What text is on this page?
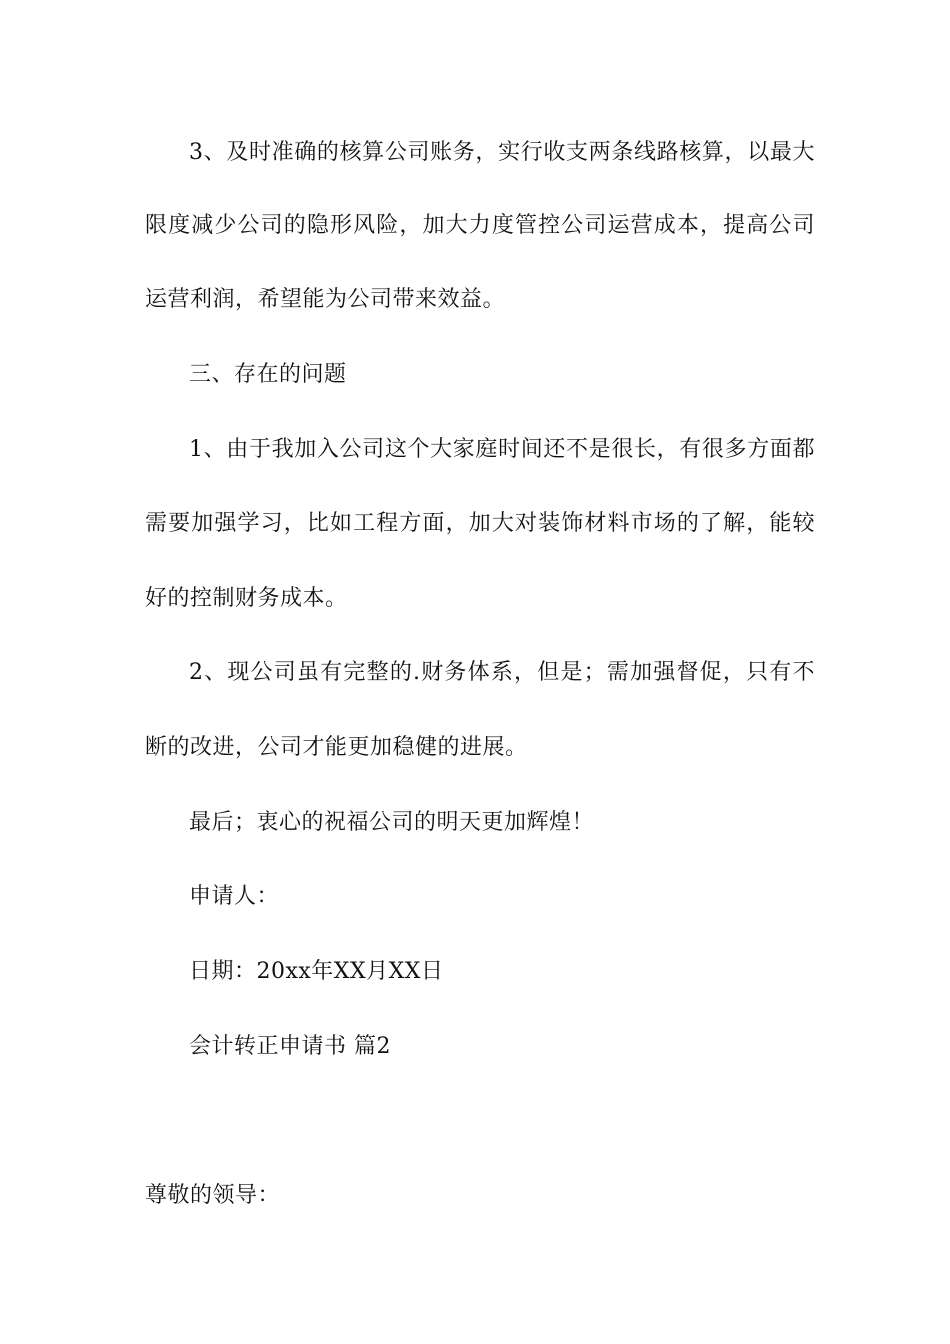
3、及时准确的核算公司账务，实行收支两条线路核算，以最大
限度减少公司的隐形风险，加大力度管控公司运营成本，提高公司
运营利润，希望能为公司带来效益。
三、存在的问题
1、由于我加入公司这个大家庭时间还不是很长，有很多方面都
需要加强学习，比如工程方面，加大对装饰材料市场的了解，能较
好的控制财务成本。
2、现公司虽有完整的.财务体系，但是；需加强督促，只有不
断的改进，公司才能更加稳健的进展。
最后；衷心的祝福公司的明天更加辉煌！
申请人：
日期：20xx年XX月XX日
会计转正申请书 篇2
尊敬的领导：
